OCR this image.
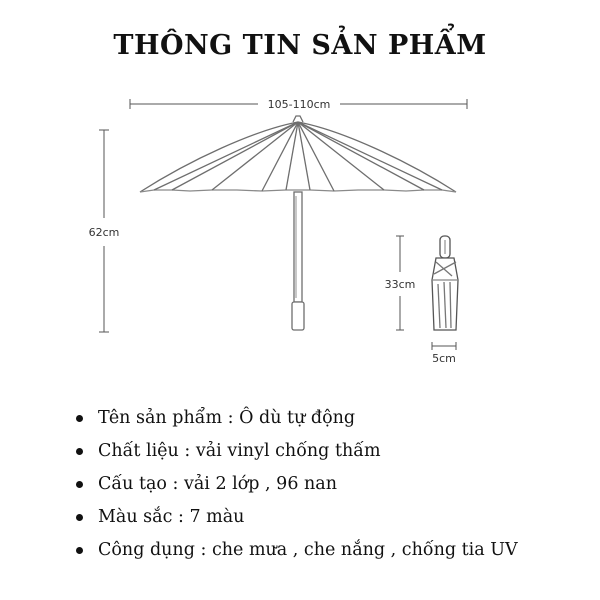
THÔNG TIN SẢN PHẨM
105-110cm
62cm
33cm
5cm
Tên sản phẩm : Ô dù tự động
Chất liệu : vải vinyl chống thấm
Cấu tạo : vải 2 lớp , 96 nan
Màu sắc : 7 màu
Công dụng : che mưa , che nắng , chống tia UV
